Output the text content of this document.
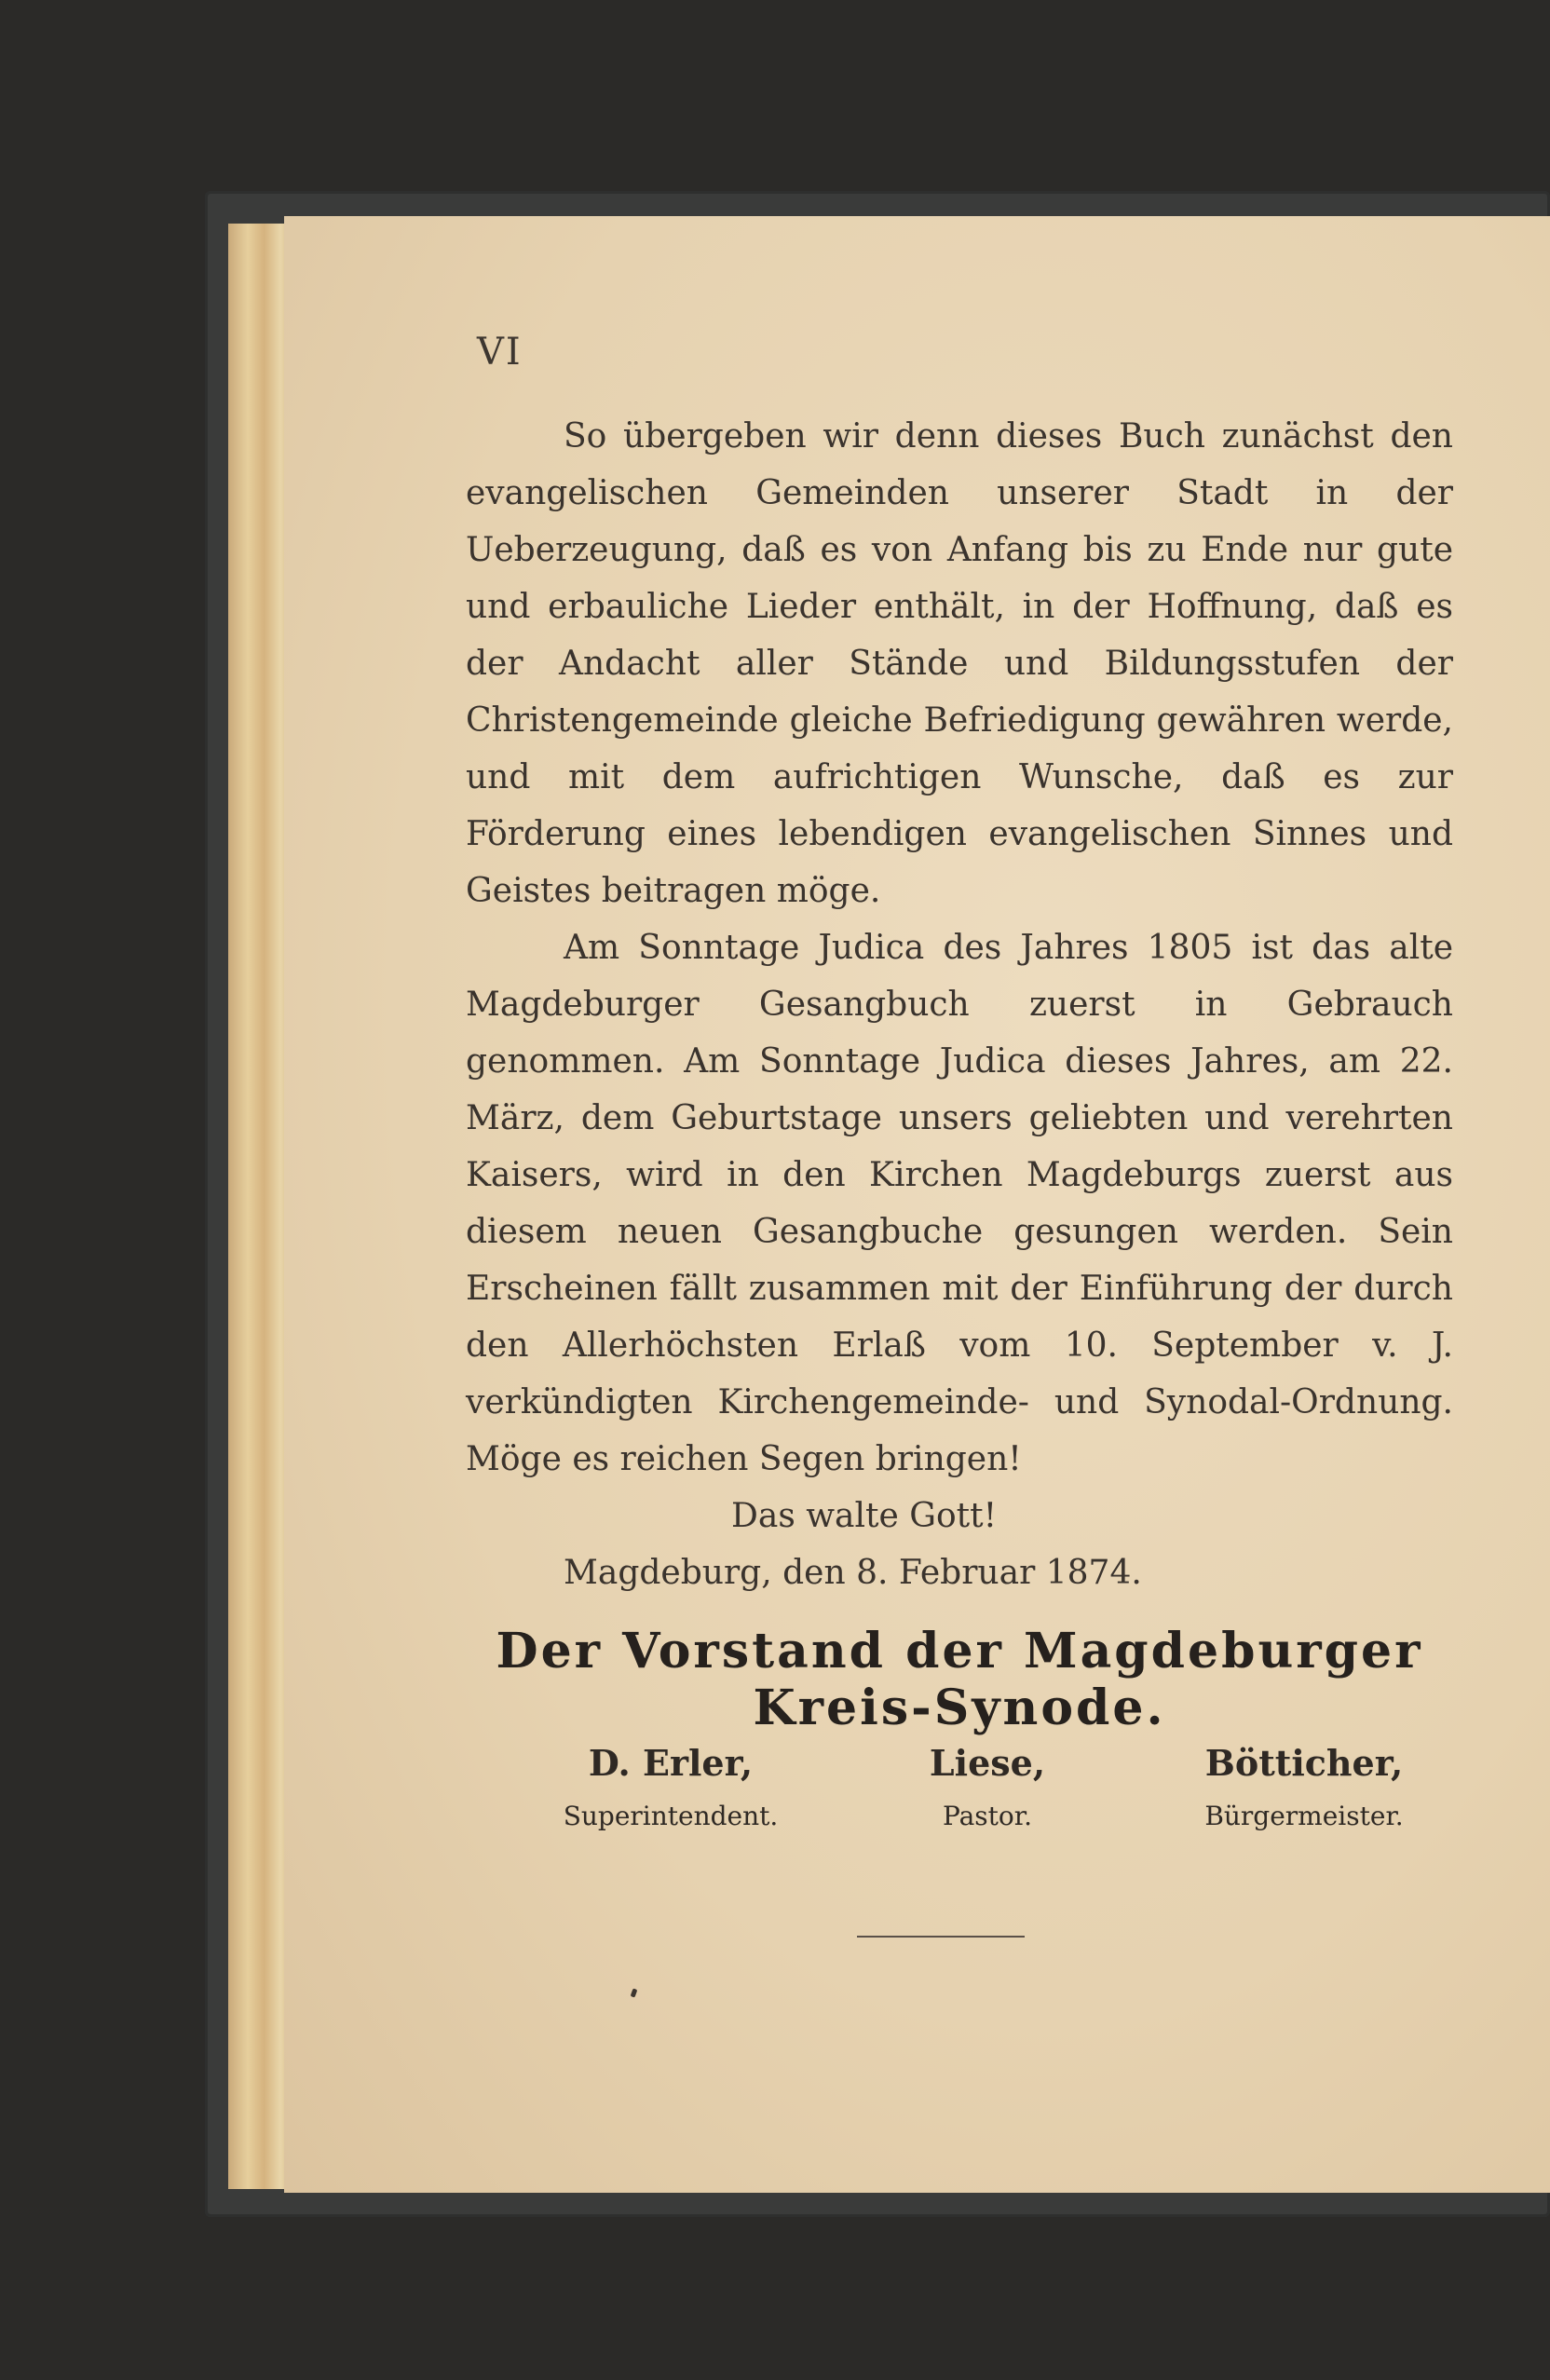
VI

So übergeben wir denn dieses Buch zunächst den evangelischen Gemeinden unserer Stadt in der Ueberzeugung, daß es von Anfang bis zu Ende nur gute und erbauliche Lieder enthält, in der Hoffnung, daß es der Andacht aller Stände und Bildungsstufen der Christengemeinde gleiche Befriedigung gewähren werde, und mit dem aufrichtigen Wunsche, daß es zur Förderung eines lebendigen evangelischen Sinnes und Geistes beitragen möge.

Am Sonntage Judica des Jahres 1805 ist das alte Magdeburger Gesangbuch zuerst in Gebrauch genommen. Am Sonntage Judica dieses Jahres, am 22. März, dem Geburtstage unsers geliebten und verehrten Kaisers, wird in den Kirchen Magdeburgs zuerst aus diesem neuen Gesangbuche gesungen werden. Sein Erscheinen fällt zusammen mit der Einführung der durch den Allerhöchsten Erlaß vom 10. September v. J. verkündigten Kirchengemeinde- und Synodal-Ordnung. Möge es reichen Segen bringen!

Das walte Gott!

Magdeburg, den 8. Februar 1874.

Der Vorstand der Magdeburger Kreis-Synode.
D. Erler,
Superintendent.
Liese,
Pastor.
Bötticher,
Bürgermeister.
